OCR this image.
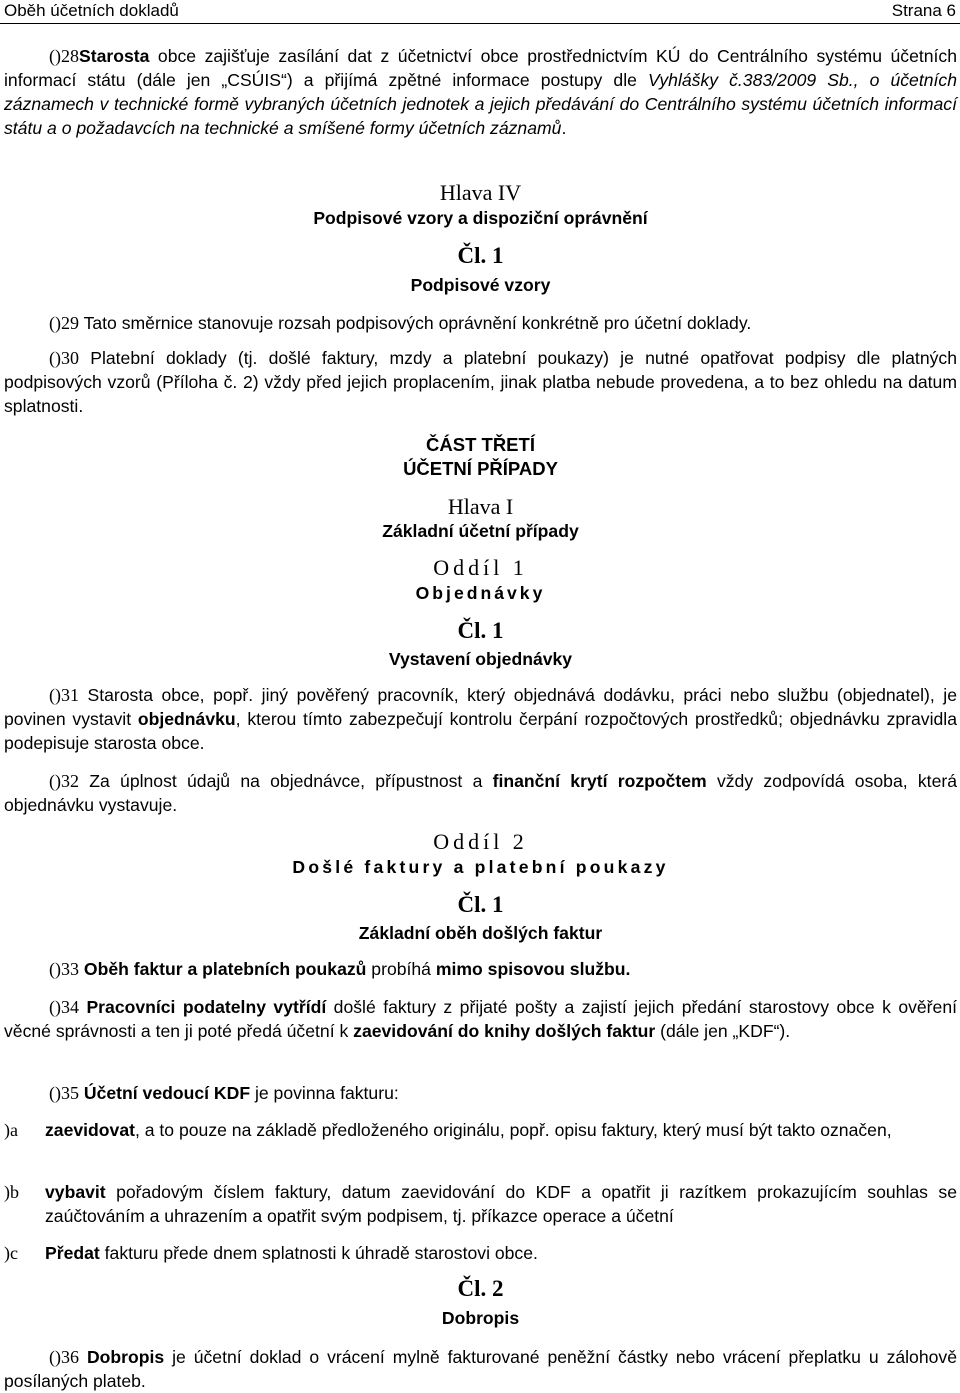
Oběh účetních dokladů	Strana 6
()28Starosta obce zajišťuje zasílání dat z účetnictví obce prostřednictvím KÚ do Centrálního systému účetních informací státu (dále jen „CSÚIS“) a přijímá zpětné informace postupy dle Vyhlášky č.383/2009 Sb., o účetních záznamech v technické formě vybraných účetních jednotek a jejich předávání do Centrálního systému účetních informací státu a o požadavcích na technické a smíšené formy účetních záznamů.
Hlava IV
Podpisové vzory a dispoziční oprávnění
Čl. 1
Podpisové vzory
()29 Tato směrnice stanovuje rozsah podpisových oprávnění konkrétně pro účetní doklady.
()30 Platební doklady (tj. došlé faktury, mzdy a platební poukazy) je nutné opatřovat podpisy dle platných podpisových vzorů (Příloha č. 2) vždy před jejich proplacením, jinak platba nebude provedena, a to bez ohledu na datum splatnosti.
ČÁST TŘETÍ
ÚČETNÍ PŘÍPADY
Hlava I
Základní účetní případy
Oddíl 1
Objednávky
Čl. 1
Vystavení objednávky
()31 Starosta obce, popř. jiný pověřený pracovník, který objednává dodávku, práci nebo službu (objednatel), je povinen vystavit objednávku, kterou tímto zabezpečují kontrolu čerpání rozpočtových prostředků; objednávku zpravidla podepisuje starosta obce.
()32 Za úplnost údajů na objednávce, přípustnost a finanční krytí rozpočtem vždy zodpovídá osoba, která objednávku vystavuje.
Oddíl 2
Došlé faktury a platební poukazy
Čl. 1
Základní oběh došlých faktur
()33 Oběh faktur a platebních poukazů probíhá mimo spisovou službu.
()34 Pracovníci podatelny vytřídí došlé faktury z přijaté pošty a zajistí jejich předání starostovy obce k ověření věcné správnosti a ten ji poté předá účetní k zaevidování do knihy došlých faktur (dále jen „KDF“).
()35 Účetní vedoucí KDF je povinna fakturu:
)a zaevidovat, a to pouze na základě předloženého originálu, popř. opisu faktury, který musí být takto označen,
)b vybavit pořadovým číslem faktury, datum zaevidování do KDF a opatřit ji razítkem prokazujícím souhlas se zaúčtováním a uhrazením a opatřit svým podpisem, tj. příkazce operace a účetní
)c Předat fakturu přede dnem splatnosti k úhradě starostovi obce.
Čl. 2
Dobropis
()36 Dobropis je účetní doklad o vrácení mylně fakturované peněžní částky nebo vrácení přeplatku u zálohově posílaných plateb.
